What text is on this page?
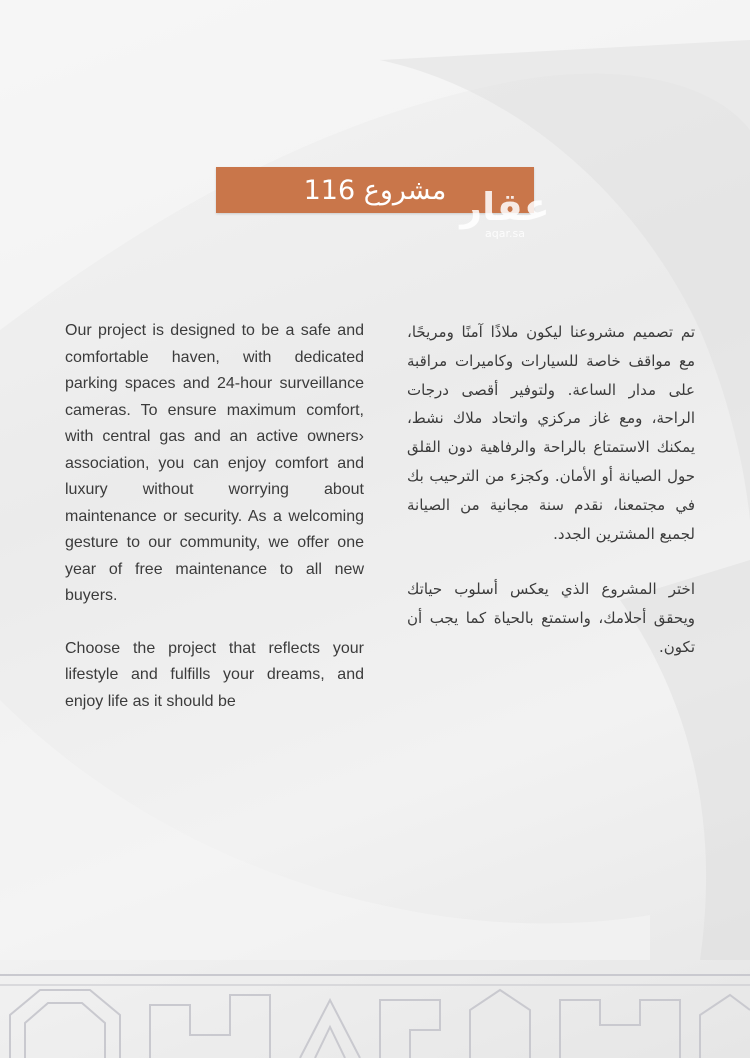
مشروع 116 عقار
aqar.sa

Our project is designed to be a safe and comfortable haven, with dedicated parking spaces and 24-hour surveillance cameras. To ensure maximum comfort, with central gas and an active owners› association, you can enjoy comfort and luxury without worrying about maintenance or security. As a welcoming gesture to our community, we offer one year of free maintenance to all new buyers.

Choose the project that reflects your lifestyle and fulfills your dreams, and enjoy life as it should be

تم تصميم مشروعنا ليكون ملاذًا آمنًا ومريحًا، مع مواقف خاصة للسيارات وكاميرات مراقبة على مدار الساعة. ولتوفير أقصى درجات الراحة، ومع غاز مركزي واتحاد ملاك نشط، يمكنك الاستمتاع بالراحة والرفاهية دون القلق حول الصيانة أو الأمان. وكجزء من الترحيب بك في مجتمعنا، نقدم سنة مجانية من الصيانة لجميع المشترين الجدد.

اختر المشروع الذي يعكس أسلوب حياتك ويحقق أحلامك، واستمتع بالحياة كما يجب أن تكون.
